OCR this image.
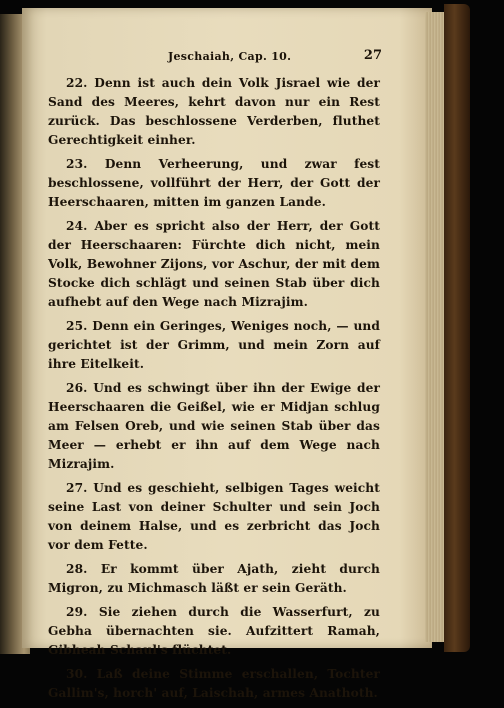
Jeschaiah, Cap. 10.	27

22. Denn ist auch dein Volk Jisrael wie der Sand des Meeres, kehrt davon nur ein Rest zurück. Das beschlossene Verderben, fluthet Gerechtigkeit einher.

23. Denn Verheerung, und zwar fest beschlossene, vollführt der Herr, der Gott der Heerschaaren, mitten im ganzen Lande.

24. Aber es spricht also der Herr, der Gott der Heerschaaren: Fürchte dich nicht, mein Volk, Bewohner Zijons, vor Aschur, der mit dem Stocke dich schlägt und seinen Stab über dich aufhebt auf den Wege nach Mizrajim.

25. Denn ein Geringes, Weniges noch, — und gerichtet ist der Grimm, und mein Zorn auf ihre Eitelkeit.

26. Und es schwingt über ihn der Ewige der Heerschaaren die Geißel, wie er Midjan schlug am Felsen Oreb, und wie seinen Stab über das Meer — erhebt er ihn auf dem Wege nach Mizrajim.

27. Und es geschieht, selbigen Tages weicht seine Last von deiner Schulter und sein Joch von deinem Halse, und es zerbricht das Joch vor dem Fette.

28. Er kommt über Ajath, zieht durch Migron, zu Michmasch läßt er sein Geräth.

29. Sie ziehen durch die Wasserfurt, zu Gebha übernachten sie. Aufzittert Ramah, Gibheah Schaul's flüchtet.

30. Laß deine Stimme erschallen, Tochter Gallim's, horch' auf, Laischah, armes Anathoth.
